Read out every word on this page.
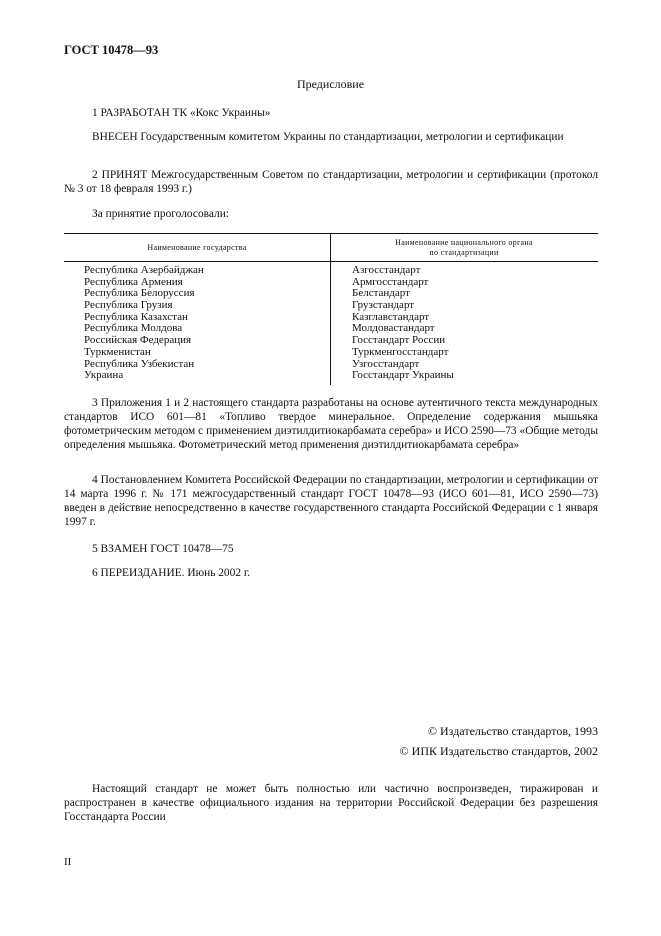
ГОСТ 10478—93
Предисловие
1 РАЗРАБОТАН ТК «Кокс Украины»
ВНЕСЕН Государственным комитетом Украины по стандартизации, метрологии и сертификации
2 ПРИНЯТ Межгосударственным Советом по стандартизации, метрологии и сертификации (протокол № 3 от 18 февраля 1993 г.)
За принятие проголосовали:
Наименование государства
Наименование национального органа
по стандартизации
Республика Азербайджан
Республика Армения
Республика Белоруссия
Республика Грузия
Республика Казахстан
Республика Молдова
Российская Федерация
Туркменистан
Республика Узбекистан
Украина
Азгосстандарт
Армгосстандарт
Белстандарт
Грузстандарт
Казглавстандарт
Молдовастандарт
Госстандарт России
Туркменгосстандарт
Узгосстандарт
Госстандарт Украины
3 Приложения 1 и 2 настоящего стандарта разработаны на основе аутентичного текста международных стандартов ИСО 601—81 «Топливо твердое минеральное. Определение содержания мышьяка фотометрическим методом с применением диэтилдитиокарбамата серебра» и ИСО 2590—73 «Общие методы определения мышьяка. Фотометрический метод применения диэтилдитиокарбамата серебра»
4 Постановлением Комитета Российской Федерации по стандартизации, метрологии и сертификации от 14 марта 1996 г. № 171 межгосударственный стандарт ГОСТ 10478—93 (ИСО 601—81, ИСО 2590—73) введен в действие непосредственно в качестве государственного стандарта Российской Федерации с 1 января 1997 г.
5 ВЗАМЕН ГОСТ 10478—75
6 ПЕРЕИЗДАНИЕ. Июнь 2002 г.
© Издательство стандартов, 1993
© ИПК Издательство стандартов, 2002
Настоящий стандарт не может быть полностью или частично воспроизведен, тиражирован и распространен в качестве официального издания на территории Российской Федерации без разрешения Госстандарта России
II
